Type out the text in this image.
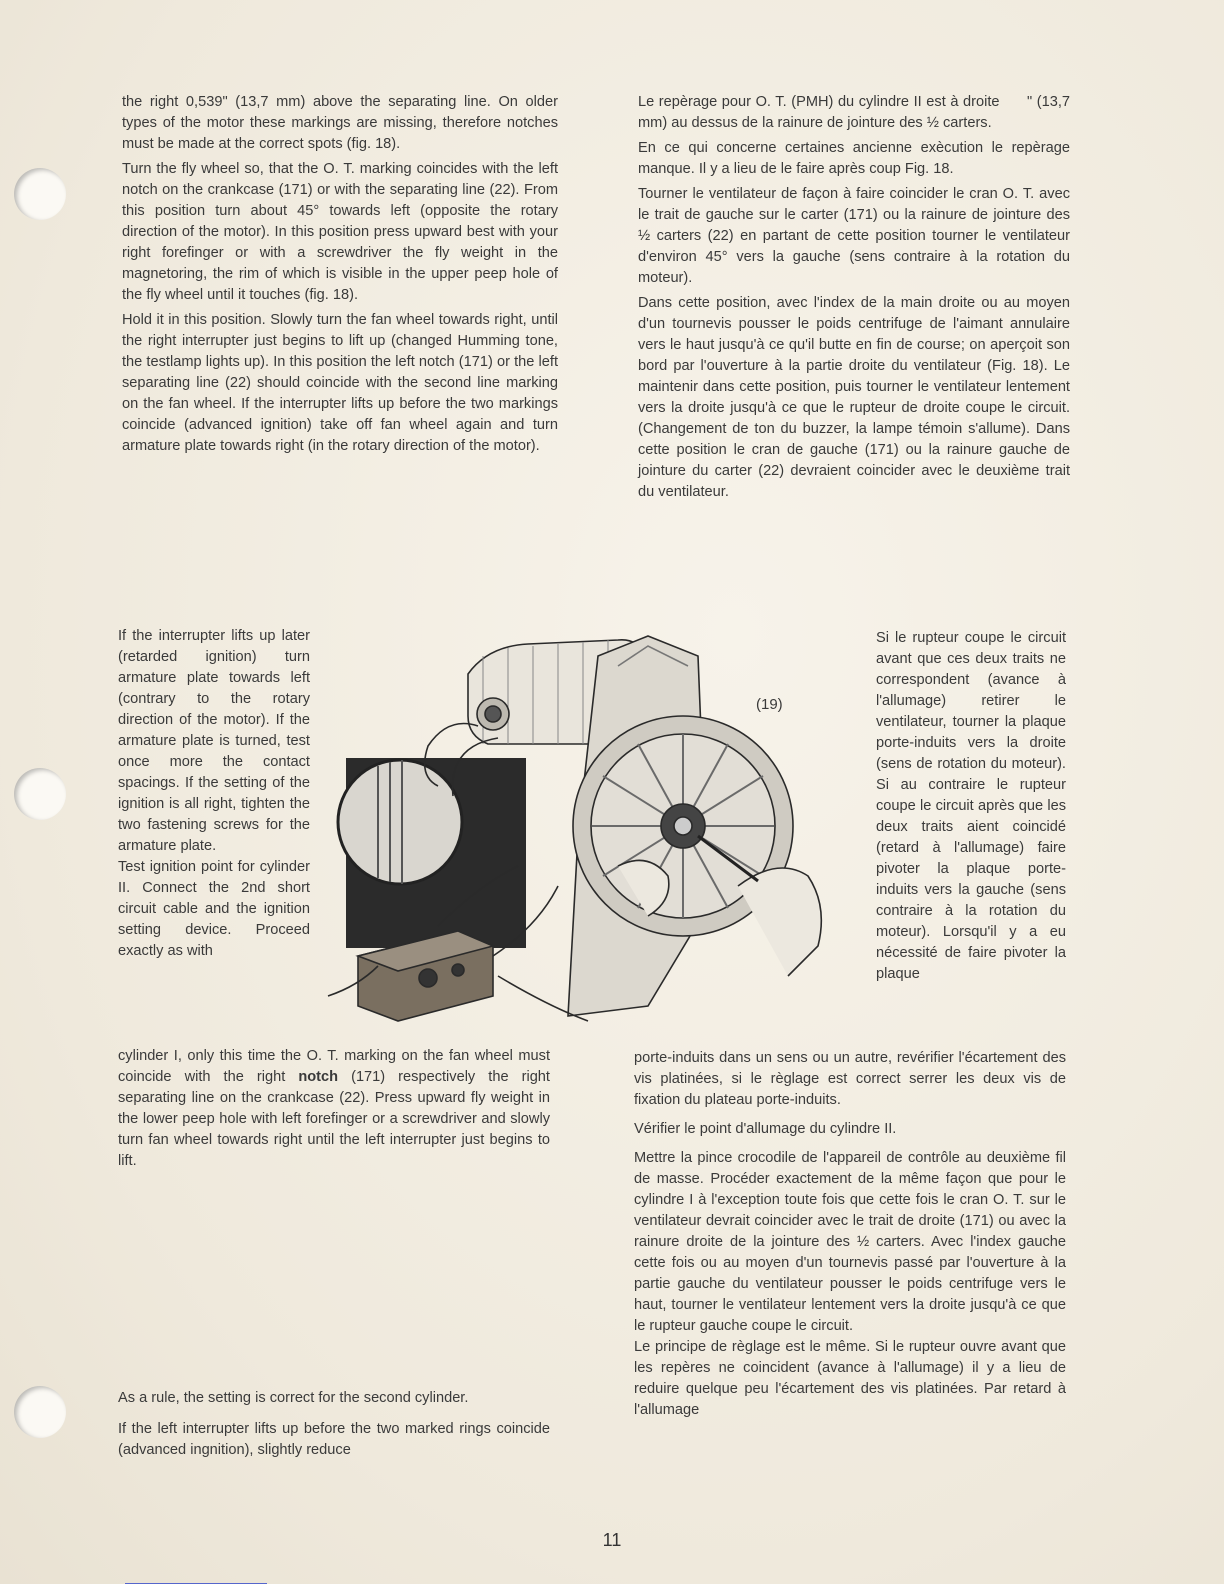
the right 0,539" (13,7 mm) above the separating line. On older types of the motor these markings are missing, therefore notches must be made at the correct spots (fig. 18).

Turn the fly wheel so, that the O. T. marking coincides with the left notch on the crankcase (171) or with the separating line (22). From this position turn about 45° towards left (opposite the rotary direction of the motor). In this position press upward best with your right forefinger or with a screwdriver the fly weight in the magnetoring, the rim of which is visible in the upper peep hole of the fly wheel until it touches (fig. 18).

Hold it in this position. Slowly turn the fan wheel towards right, until the right interrupter just begins to lift up (changed Humming tone, the testlamp lights up). In this position the left notch (171) or the left separating line (22) should coincide with the second line marking on the fan wheel. If the interrupter lifts up before the two markings coincide (advanced ignition) take off fan wheel again and turn armature plate towards right (in the rotary direction of the motor).

If the interrupter lifts up later (retarded ignition) turn armature plate towards left (contrary to the rotary direction of the motor). If the armature plate is turned, test once more the contact spacings. If the setting of the ignition is all right, tighten the two fastening screws for the armature plate.

Test ignition point for cylinder II. Connect the 2nd short circuit cable and the ignition setting device. Proceed exactly as with

cylinder I, only this time the O. T. marking on the fan wheel must coincide with the right notch (171) respectively the right separating line on the crankcase (22). Press upward fly weight in the lower peep hole with left forefinger or a screwdriver and slowly turn fan wheel towards right until the left interrupter just begins to lift.

As a rule, the setting is correct for the second cylinder.

If the left interrupter lifts up before the two marked rings coincide (advanced ingnition), slightly reduce

Le repèrage pour O. T. (PMH) du cylindre II est à droite      " (13,7 mm) au dessus de la rainure de jointure des ½ carters.

En ce qui concerne certaines ancienne exècution le repèrage manque. Il y a lieu de le faire après coup Fig. 18.

Tourner le ventilateur de façon à faire coincider le cran O. T. avec le trait de gauche sur le carter (171) ou la rainure de jointure des ½ carters (22) en partant de cette position tourner le ventilateur d'environ 45° vers la gauche (sens contraire à la rotation du moteur).

Dans cette position, avec l'index de la main droite ou au moyen d'un tournevis pousser le poids centrifuge de l'aimant annulaire vers le haut jusqu'à ce qu'il butte en fin de course; on aperçoit son bord par l'ouverture à la partie droite du ventilateur (Fig. 18). Le maintenir dans cette position, puis tourner le ventilateur lentement vers la droite jusqu'à ce que le rupteur de droite coupe le circuit. (Changement de ton du buzzer, la lampe témoin s'allume). Dans cette position le cran de gauche (171) ou la rainure gauche de jointure du carter (22) devraient coincider avec le deuxième trait du ventilateur.

Si le rupteur coupe le circuit avant que ces deux traits ne correspondent (avance à l'allumage) retirer le ventilateur, tourner la plaque porte-induits vers la droite (sens de rotation du moteur). Si au contraire le rupteur coupe le circuit après que les deux traits aient coincidé (retard à l'allumage) faire pivoter la plaque porte-induits vers la gauche (sens contraire à la rotation du moteur). Lorsqu'il y a eu nécessité de faire pivoter la plaque

porte-induits dans un sens ou un autre, revérifier l'écartement des vis platinées, si le règlage est correct serrer les deux vis de fixation du plateau porte-induits.

Vérifier le point d'allumage du cylindre II.

Mettre la pince crocodile de l'appareil de contrôle au deuxième fil de masse. Procéder exactement de la même façon que pour le cylindre I à l'exception toute fois que cette fois le cran O. T. sur le ventilateur devrait coincider avec le trait de droite (171) ou avec la rainure droite de la jointure des ½ carters. Avec l'index gauche cette fois ou au moyen d'un tournevis passé par l'ouverture à la partie gauche du ventilateur pousser le poids centrifuge vers le haut, tourner le ventilateur lentement vers la droite jusqu'à ce que le rupteur gauche coupe le circuit.

Le principe de règlage est le même. Si le rupteur ouvre avant que les repères ne coincident (avance à l'allumage) il y a lieu de reduire quelque peu l'écartement des vis platinées. Par retard à l'allumage

(19)
11
